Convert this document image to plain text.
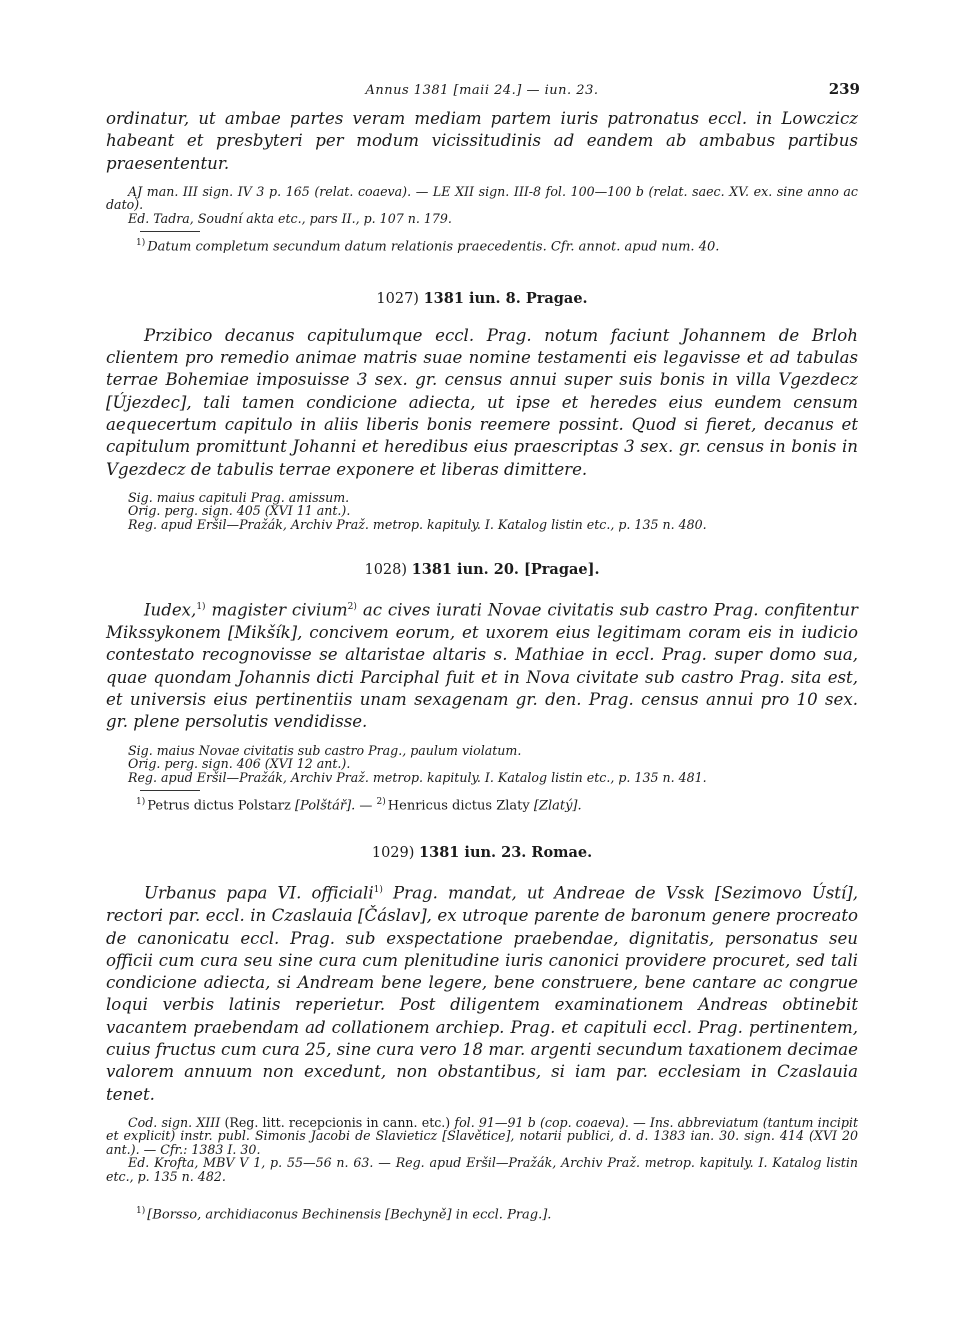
Annus 1381 [maii 24.] — iun. 23.	239

ordinatur, ut ambae partes veram mediam partem iuris patronatus eccl. in Lowczicz habeant et presbyteri per modum vicissitudinis ad eandem ab ambabus partibus praesententur.

AJ man. III sign. IV 3 p. 165 (relat. coaeva). — LE XII sign. III-8 fol. 100—100 b (relat. saec. XV. ex. sine anno ac dato).

Ed. Tadra, Soudní akta etc., pars II., p. 107 n. 179.

$^{1)}$ Datum completum secundum datum relationis praecedentis. Cfr. annot. apud num. 40.

1027) 1381 iun. 8. Pragae.

Przibico decanus capitulumque eccl. Prag. notum faciunt Johannem de Brloh clientem pro remedio animae matris suae nomine testamenti eis legavisse et ad tabulas terrae Bohemiae imposuisse 3 sex. gr. census annui super suis bonis in villa Vgezdecz [Újezdec], tali tamen condicione adiecta, ut ipse et heredes eius eundem censum aequecertum capitulo in aliis liberis bonis reemere possint. Quod si fieret, decanus et capitulum promittunt Johanni et heredibus eius praescriptas 3 sex. gr. census in bonis in Vgezdecz de tabulis terrae exponere et liberas dimittere.

Sig. maius capituli Prag. amissum.

Orig. perg. sign. 405 (XVI 11 ant.).

Reg. apud Eršil—Pražák, Archiv Praž. metrop. kapituly. I. Katalog listin etc., p. 135 n. 480.

1028) 1381 iun. 20. [Pragae].

Iudex,$^{1)}$ magister civium$^{2)}$ ac cives iurati Novae civitatis sub castro Prag. confitentur Mikssykonem [Mikšík], concivem eorum, et uxorem eius legitimam coram eis in iudicio contestato recognovisse se altaristae altaris s. Mathiae in eccl. Prag. super domo sua, quae quondam Johannis dicti Parciphal fuit et in Nova civitate sub castro Prag. sita est, et universis eius pertinentiis unam sexagenam gr. den. Prag. census annui pro 10 sex. gr. plene persolutis vendidisse.

Sig. maius Novae civitatis sub castro Prag., paulum violatum.

Orig. perg. sign. 406 (XVI 12 ant.).

Reg. apud Eršil—Pražák, Archiv Praž. metrop. kapituly. I. Katalog listin etc., p. 135 n. 481.

$^{1)}$ Petrus dictus Polstarz [Polštář]. — $^{2)}$ Henricus dictus Zlaty [Zlatý].

1029) 1381 iun. 23. Romae.

Urbanus papa VI. officiali$^{1)}$ Prag. mandat, ut Andreae de Vssk [Sezimovo Ústí], rectori par. eccl. in Czaslauia [Čáslav], ex utroque parente de baronum genere procreato de canonicatu eccl. Prag. sub exspectatione praebendae, dignitatis, personatus seu officii cum cura seu sine cura cum plenitudine iuris canonici providere procuret, sed tali condicione adiecta, si Andream bene legere, bene construere, bene cantare ac congrue loqui verbis latinis reperietur. Post diligentem examinationem Andreas obtinebit vacantem praebendam ad collationem archiep. Prag. et capituli eccl. Prag. pertinentem, cuius fructus cum cura 25, sine cura vero 18 mar. argenti secundum taxationem decimae valorem annuum non excedunt, non obstantibus, si iam par. ecclesiam in Czaslauia tenet.

Cod. sign. XIII (Reg. litt. recepcionis in cann. etc.) fol. 91—91 b (cop. coaeva). — Ins. abbreviatum (tantum incipit et explicit) instr. publ. Simonis Jacobi de Slavieticz [Slavětice], notarii publici, d. d. 1383 ian. 30. sign. 414 (XVI 20 ant.). — Cfr.: 1383 I. 30.

Ed. Krofta, MBV V 1, p. 55—56 n. 63. — Reg. apud Eršil—Pražák, Archiv Praž. metrop. kapituly. I. Katalog listin etc., p. 135 n. 482.

$^{1)}$ [Borsso, archidiaconus Bechinensis [Bechyně] in eccl. Prag.].
